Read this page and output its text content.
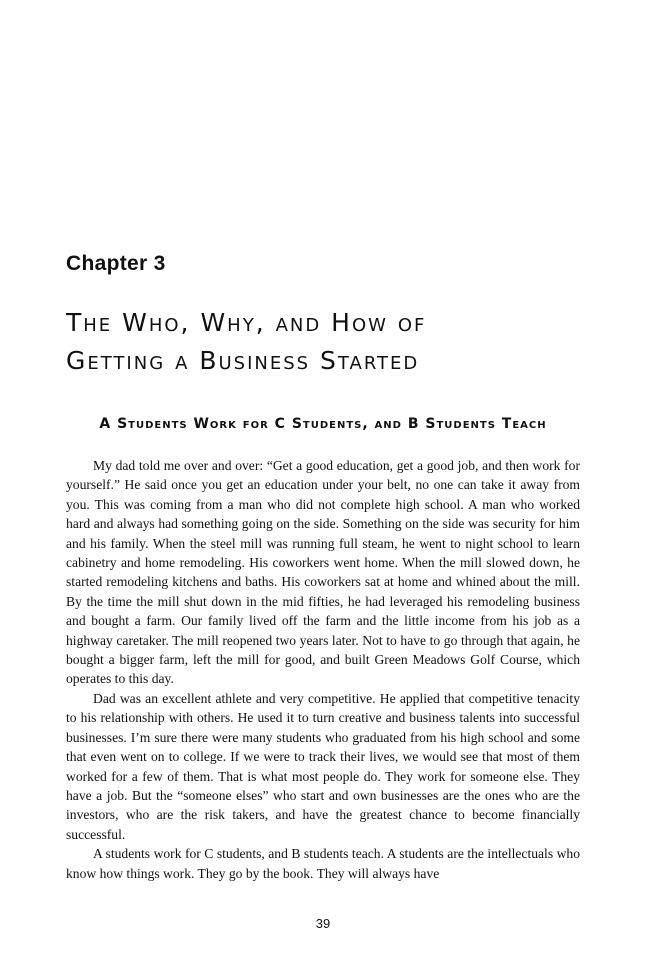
Chapter 3
The Who, Why, and How of
Getting a Business Started
A Students Work for C Students, and B Students Teach

My dad told me over and over: “Get a good education, get a good job, and then work for yourself.” He said once you get an education under your belt, no one can take it away from you. This was coming from a man who did not complete high school. A man who worked hard and always had something going on the side. Something on the side was security for him and his family. When the steel mill was running full steam, he went to night school to learn cabinetry and home remodeling. His coworkers went home. When the mill slowed down, he started remodeling kitchens and baths. His coworkers sat at home and whined about the mill. By the time the mill shut down in the mid fifties, he had leveraged his remodeling business and bought a farm. Our family lived off the farm and the little income from his job as a highway caretaker. The mill reopened two years later. Not to have to go through that again, he bought a bigger farm, left the mill for good, and built Green Meadows Golf Course, which operates to this day.

Dad was an excellent athlete and very competitive. He applied that competitive tenacity to his relationship with others. He used it to turn creative and business talents into successful businesses. I’m sure there were many students who graduated from his high school and some that even went on to college. If we were to track their lives, we would see that most of them worked for a few of them. That is what most people do. They work for someone else. They have a job. But the “someone elses” who start and own businesses are the ones who are the investors, who are the risk takers, and have the greatest chance to become financially successful.

A students work for C students, and B students teach. A students are the intellectuals who know how things work. They go by the book. They will always have

39
